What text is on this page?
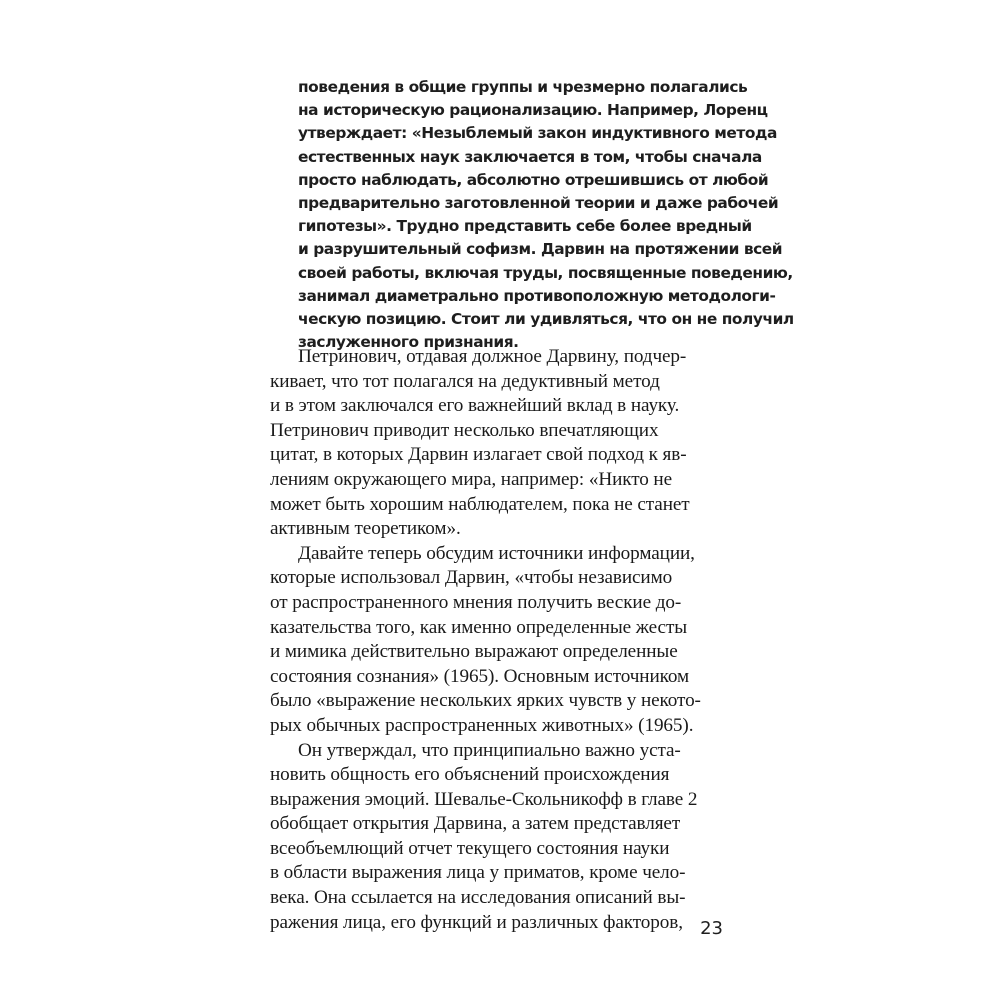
поведения в общие группы и чрезмерно полагались
на историческую рационализацию. Например, Лоренц
утверждает: «Незыблемый закон индуктивного метода
естественных наук заключается в том, чтобы сначала
просто наблюдать, абсолютно отрешившись от любой
предварительно заготовленной теории и даже рабочей
гипотезы». Трудно представить себе более вредный
и разрушительный софизм. Дарвин на протяжении всей
своей работы, включая труды, посвященные поведению,
занимал диаметрально противоположную методологи-
ческую позицию. Стоит ли удивляться, что он не получил
заслуженного признания.
Петринович, отдавая должное Дарвину, подчер-
кивает, что тот полагался на дедуктивный метод
и в этом заключался его важнейший вклад в науку.
Петринович приводит несколько впечатляющих
цитат, в которых Дарвин излагает свой подход к яв-
лениям окружающего мира, например: «Никто не
может быть хорошим наблюдателем, пока не станет
активным теоретиком».
Давайте теперь обсудим источники информации,
которые использовал Дарвин, «чтобы независимо
от распространенного мнения получить веские до-
казательства того, как именно определенные жесты
и мимика действительно выражают определенные
состояния сознания» (1965). Основным источником
было «выражение нескольких ярких чувств у некото-
рых обычных распространенных животных» (1965).
Он утверждал, что принципиально важно уста-
новить общность его объяснений происхождения
выражения эмоций. Шевалье-Скольникофф в главе 2
обобщает открытия Дарвина, а затем представляет
всеобъемлющий отчет текущего состояния науки
в области выражения лица у приматов, кроме чело-
века. Она ссылается на исследования описаний вы-
ражения лица, его функций и различных факторов, 23
